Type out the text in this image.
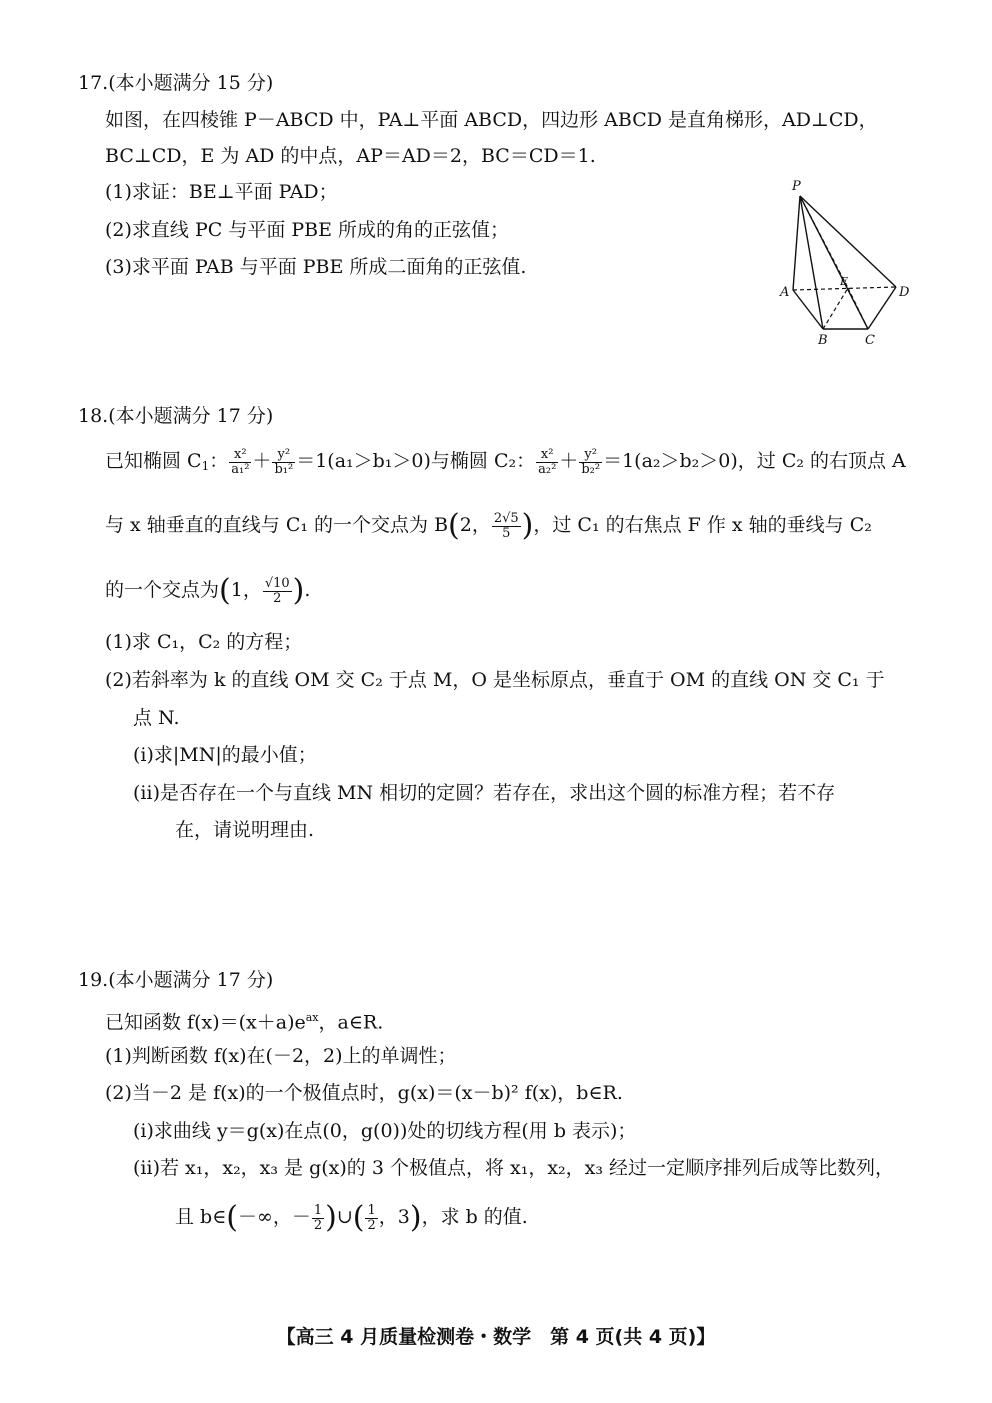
17.(本小题满分 15 分)
如图，在四棱锥 P－ABCD 中，PA⊥平面 ABCD，四边形 ABCD 是直角梯形，AD⊥CD，
BC⊥CD，E 为 AD 的中点，AP＝AD＝2，BC＝CD＝1.
(1)求证：BE⊥平面 PAD；
(2)求直线 PC 与平面 PBE 所成的角的正弦值；
(3)求平面 PAB 与平面 PBE 所成二面角的正弦值.
P
A
B	C
D
E
18.(本小题满分 17 分)
已知椭圆 $C_1$： $\frac{\text{x²}}{\text{a₁²}} + \frac{\text{y²}}{\text{b₁²}} =1(a_1>b_1>0)$与椭圆 C₂： $\frac{\text{x²}}{\text{a₂²}} + \frac{\text{y²}}{\text{b₂²}} =1(a_2>b_2>0)$，过 C₂ 的右顶点 A
与 x 轴垂直的直线与 C₁ 的一个交点为 B(2， $\frac{2√5}{5}$ )，过 C₁ 的右焦点 F 作 x 轴的垂线与 C₂
的一个交点为(1， $\frac{√10}{2}$ ).
(1)求 C₁，C₂ 的方程；
(2)若斜率为 k 的直线 OM 交 C₂ 于点 M，O 是坐标原点，垂直于 OM 的直线 ON 交 C₁ 于
点 N.
(ⅰ)求|MN|的最小值；
(ⅱ)是否存在一个与直线 MN 相切的定圆？若存在，求出这个圆的标准方程；若不存
在，请说明理由.
19.(本小题满分 17 分)
已知函数 $f(x)=(x+a)e^{ax}$，a∈R.
(1)判断函数 f(x)在(－2，2)上的单调性；
(2)当－2 是 f(x)的一个极值点时，g(x)＝(x－b)² f(x)，b∈R.
(ⅰ)求曲线 y＝g(x)在点(0，g(0))处的切线方程(用 b 表示)；
(ⅱ)若 x₁，x₂，x₃ 是 g(x)的 3 个极值点，将 x₁，x₂，x₃ 经过一定顺序排列后成等比数列，
且 b∈(－∞，－ $\frac{1}{2}$ )∪( $\frac{1}{2}$ ，3)，求 b 的值.
【高三 4 月质量检测卷・数学　第 4 页(共 4 页)】
